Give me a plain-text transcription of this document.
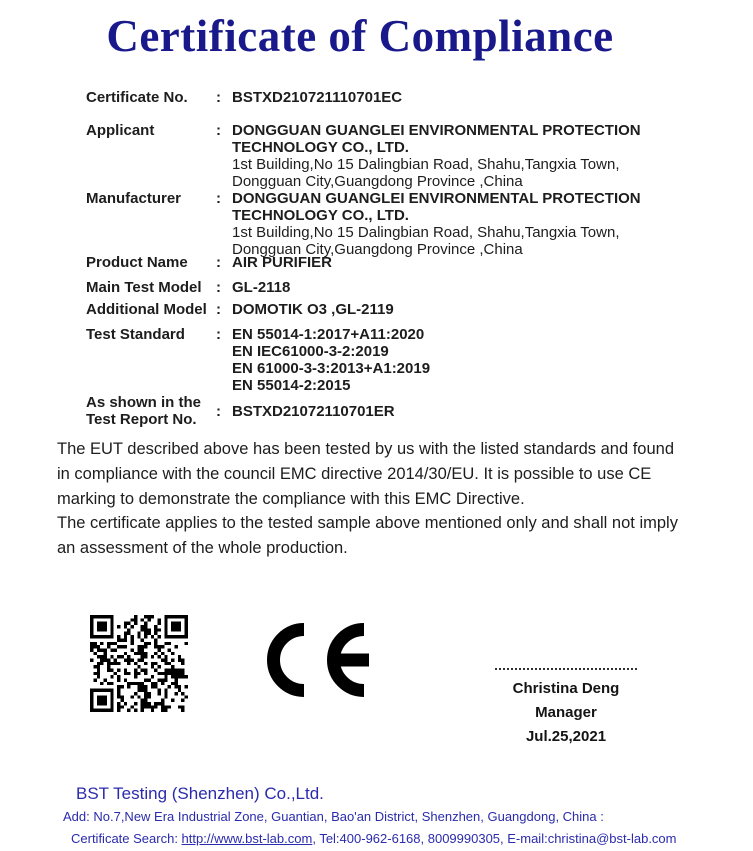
Certificate of Compliance
Certificate No.	: BSTXD210721110701EC
Applicant	: DONGGUAN GUANGLEI ENVIRONMENTAL PROTECTION
TECHNOLOGY CO., LTD.
1st Building,No 15 Dalingbian Road, Shahu,Tangxia Town,
Dongguan City,Guangdong Province ,China
Manufacturer	: DONGGUAN GUANGLEI ENVIRONMENTAL PROTECTION
TECHNOLOGY CO., LTD.
1st Building,No 15 Dalingbian Road, Shahu,Tangxia Town,
Dongguan City,Guangdong Province ,China
Product Name	: AIR PURIFIER
Main Test Model : GL-2118
Additional Model : DOMOTIK O3 ,GL-2119
Test Standard	: EN 55014-1:2017+A11:2020
EN IEC61000-3-2:2019
EN 61000-3-3:2013+A1:2019
EN 55014-2:2015
As shown in the
Test Report No.	: BSTXD21072110701ER
The EUT described above has been tested by us with the listed standards and found
in compliance with the council EMC directive 2014/30/EU. It is possible to use CE
marking to demonstrate the compliance with this EMC Directive.
The certificate applies to the tested sample above mentioned only and shall not imply
an assessment of the whole production.
Christina Deng
Manager
Jul.25,2021
BST Testing (Shenzhen) Co.,Ltd.
Add: No.7,New Era Industrial Zone, Guantian, Bao'an District, Shenzhen, Guangdong, China :
Certificate Search: http://www.bst-lab.com, Tel:400-962-6168, 8009990305, E-mail:christina@bst-lab.com
